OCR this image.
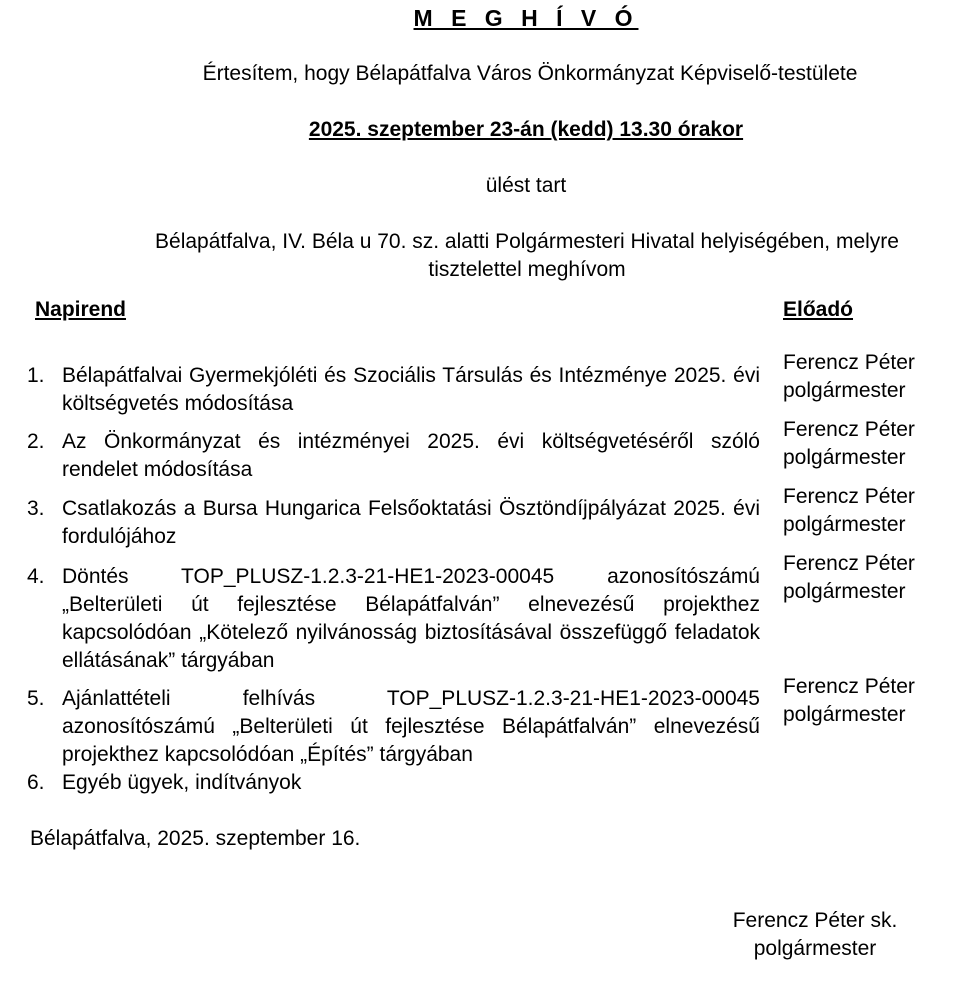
M E G H Í V Ó
Értesítem, hogy Bélapátfalva Város Önkormányzat Képviselő-testülete
2025. szeptember 23-án (kedd) 13.30 órakor
ülést tart
Bélapátfalva, IV. Béla u 70. sz. alatti Polgármesteri Hivatal helyiségében, melyre
tisztelettel meghívom
Napirend	Előadó
1. Bélapátfalvai Gyermekjóléti és Szociális Társulás és Intézménye 2025. évi költségvetés módosítása
Ferencz Péter
polgármester
2. Az Önkormányzat és intézményei 2025. évi költségvetéséről szóló rendelet módosítása
Ferencz Péter
polgármester
3. Csatlakozás a Bursa Hungarica Felsőoktatási Ösztöndíjpályázat 2025. évi fordulójához
Ferencz Péter
polgármester
4. Döntés TOP_PLUSZ-1.2.3-21-HE1-2023-00045 azonosítószámú „Belterületi út fejlesztése Bélapátfalván” elnevezésű projekthez kapcsolódóan „Kötelező nyilvánosság biztosításával összefüggő feladatok ellátásának” tárgyában
Ferencz Péter
polgármester
5. Ajánlattételi felhívás TOP_PLUSZ-1.2.3-21-HE1-2023-00045 azonosítószámú „Belterületi út fejlesztése Bélapátfalván” elnevezésű projekthez kapcsolódóan „Építés” tárgyában
Ferencz Péter
polgármester
6. Egyéb ügyek, indítványok
Bélapátfalva, 2025. szeptember 16.
Ferencz Péter sk.
polgármester
